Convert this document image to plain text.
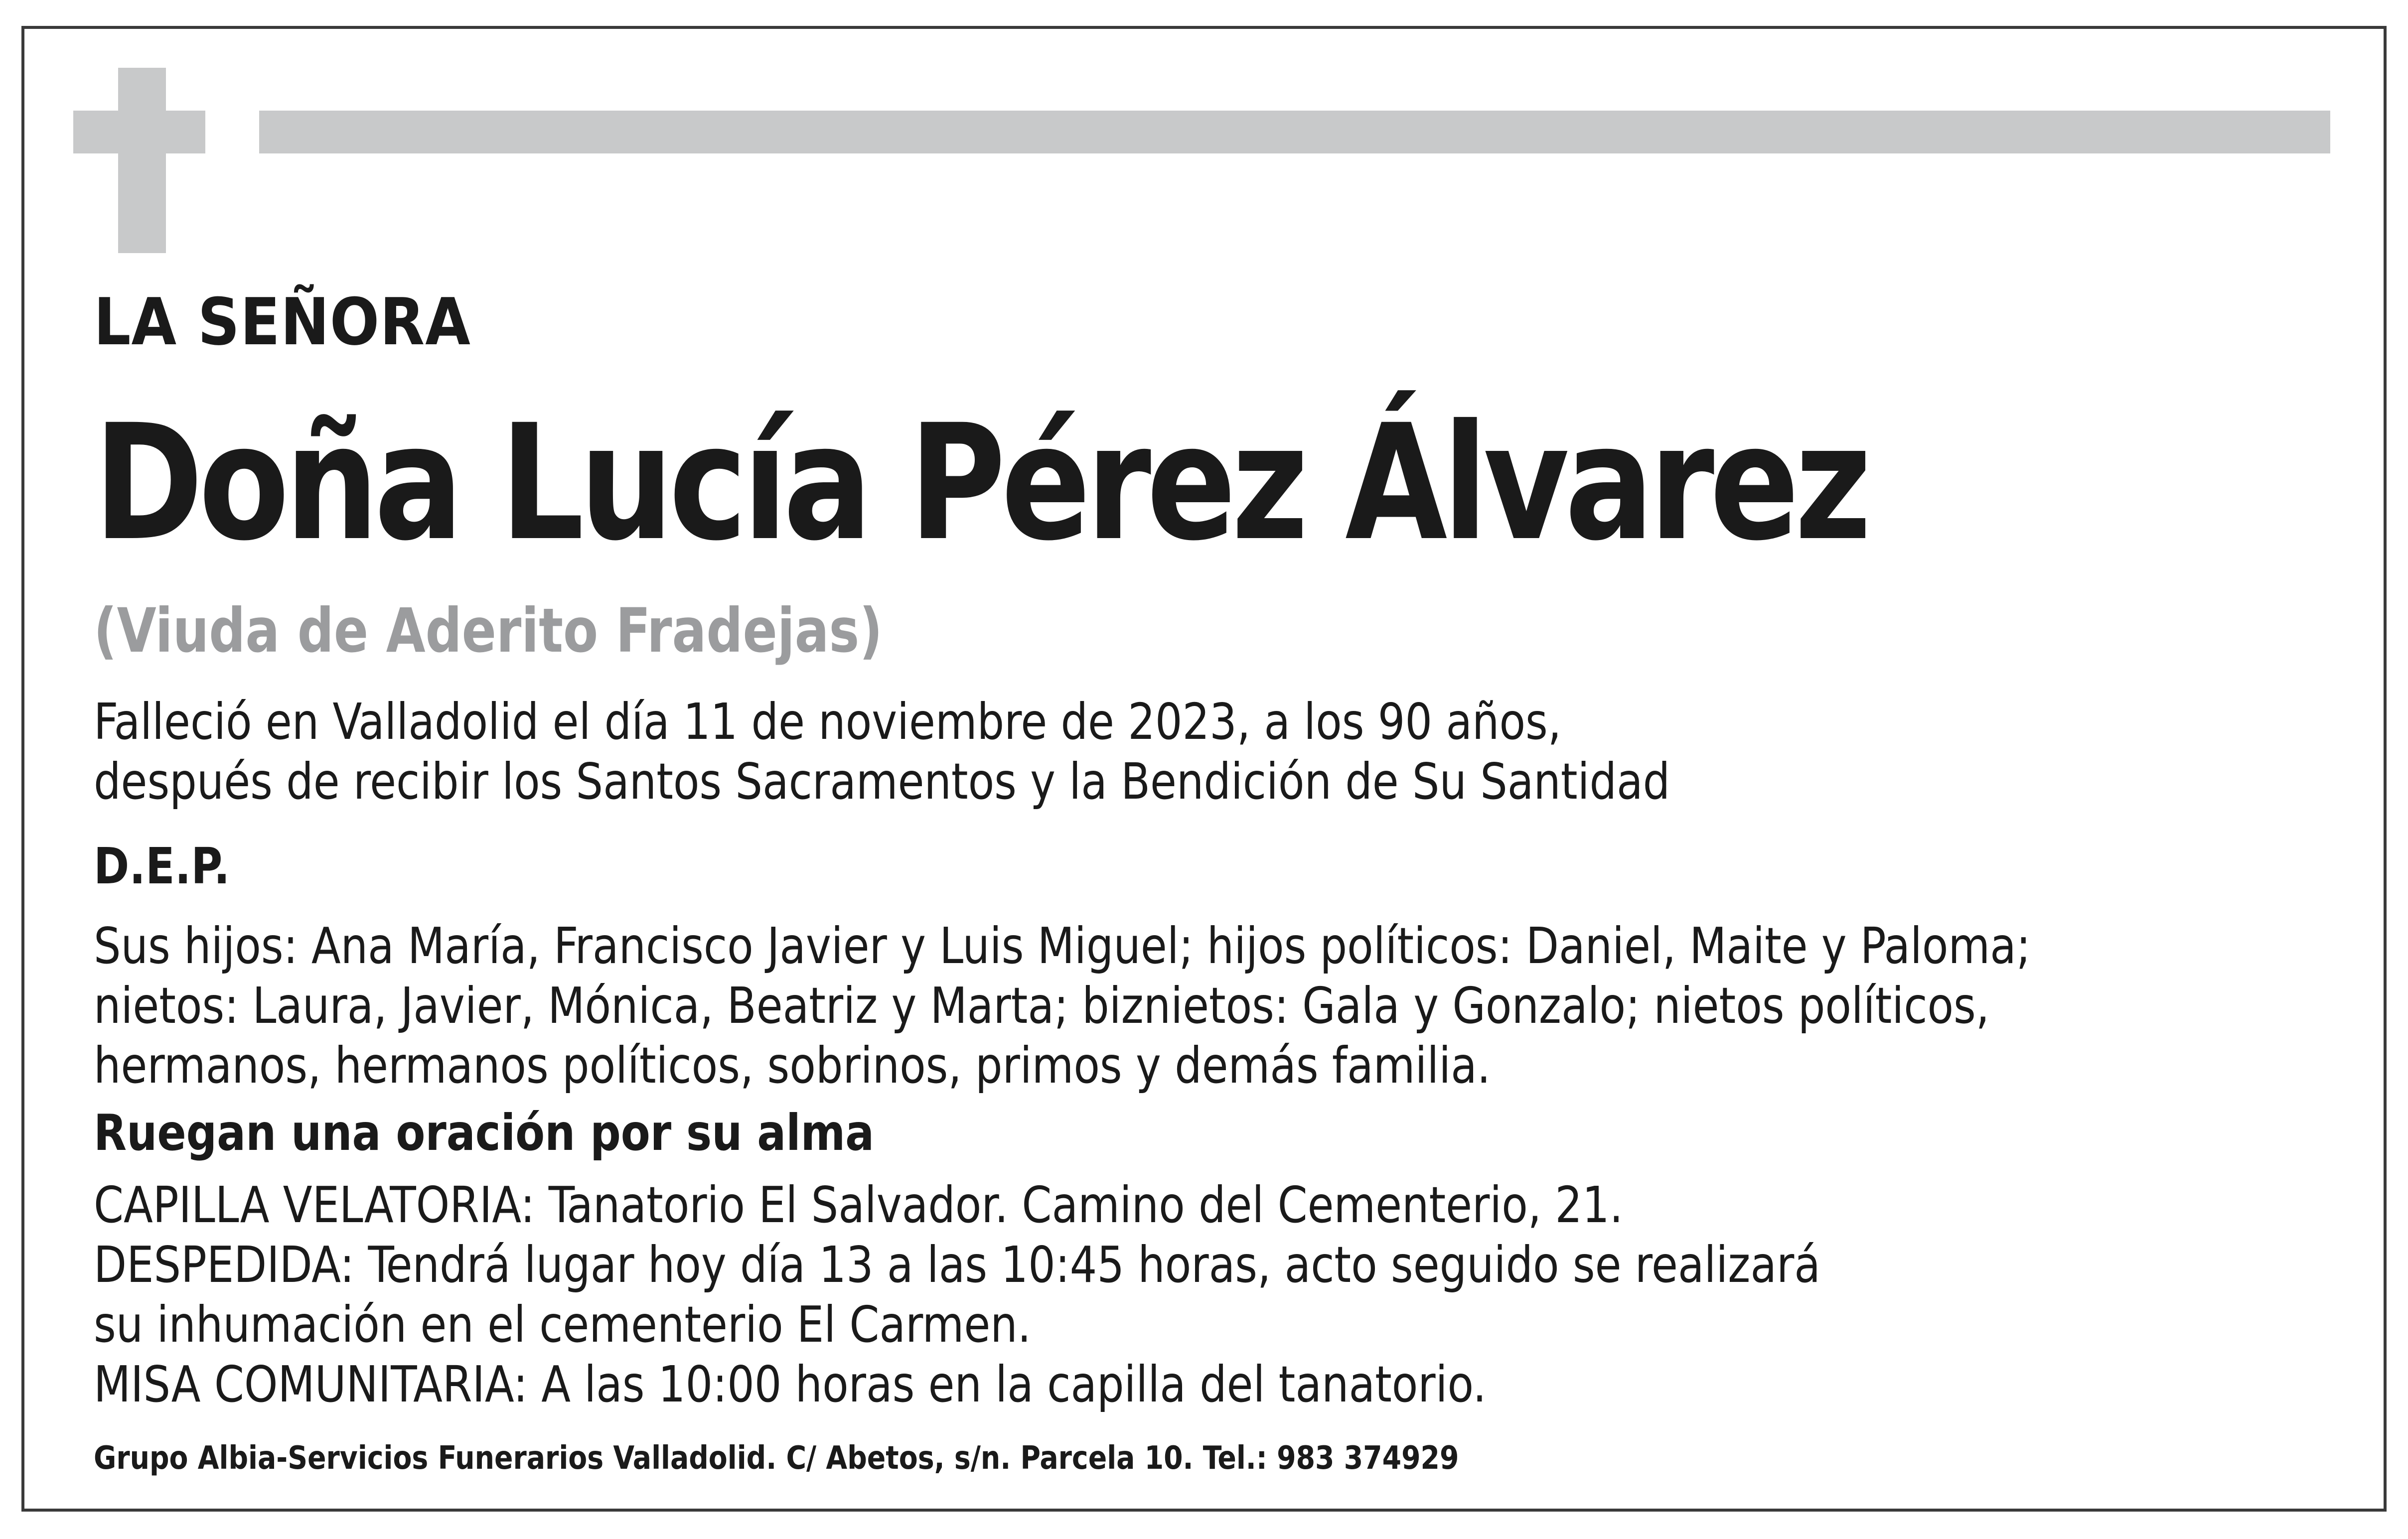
LA SEÑORA

Doña Lucía Pérez Álvarez

(Viuda de Aderito Fradejas)

Falleció en Valladolid el día 11 de noviembre de 2023, a los 90 años,

después de recibir los Santos Sacramentos y la Bendición de Su Santidad

D.E.P.

Sus hijos: Ana María, Francisco Javier y Luis Miguel; hijos políticos: Daniel, Maite y Paloma;

nietos: Laura, Javier, Mónica, Beatriz y Marta; biznietos: Gala y Gonzalo; nietos políticos,

hermanos, hermanos políticos, sobrinos, primos y demás familia.

Ruegan una oración por su alma

CAPILLA VELATORIA: Tanatorio El Salvador. Camino del Cementerio, 21.

DESPEDIDA: Tendrá lugar hoy día 13 a las 10:45 horas, acto seguido se realizará

su inhumación en el cementerio El Carmen.

MISA COMUNITARIA: A las 10:00 horas en la capilla del tanatorio.

Grupo Albia-Servicios Funerarios Valladolid. C/ Abetos, s/n. Parcela 10. Tel.: 983 374929
